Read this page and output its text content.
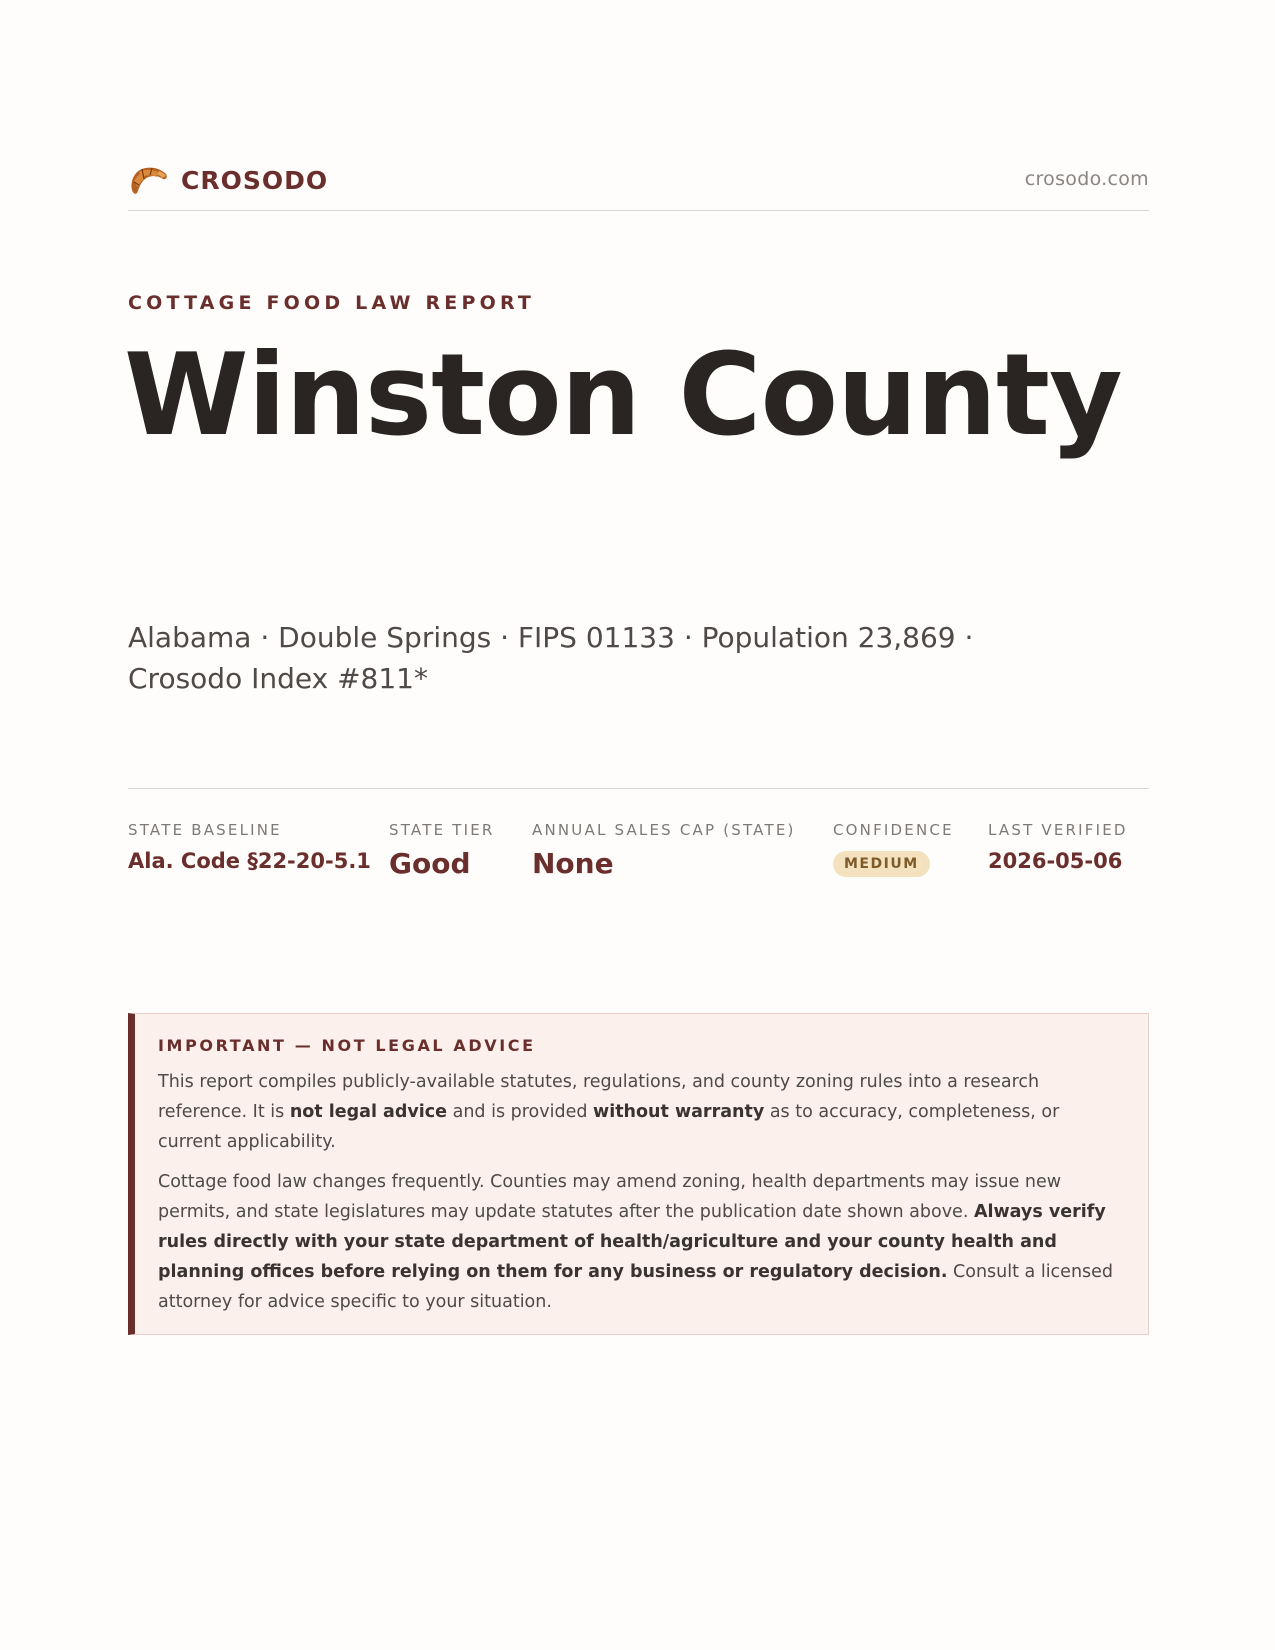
CROSODO	crosodo.com
COTTAGE FOOD LAW REPORT
Winston County
Alabama · Double Springs · FIPS 01133 · Population 23,869 ·
Crosodo Index #811*
STATE BASELINE
Ala. Code §22-20-5.1
STATE TIER
Good
ANNUAL SALES CAP (STATE)
None
CONFIDENCE
MEDIUM
LAST VERIFIED
2026-05-06
IMPORTANT — NOT LEGAL ADVICE

This report compiles publicly-available statutes, regulations, and county zoning rules into a research reference. It is not legal advice and is provided without warranty as to accuracy, completeness, or current applicability.

Cottage food law changes frequently. Counties may amend zoning, health departments may issue new permits, and state legislatures may update statutes after the publication date shown above. Always verify rules directly with your state department of health/agriculture and your county health and planning offices before relying on them for any business or regulatory decision. Consult a licensed attorney for advice specific to your situation.
